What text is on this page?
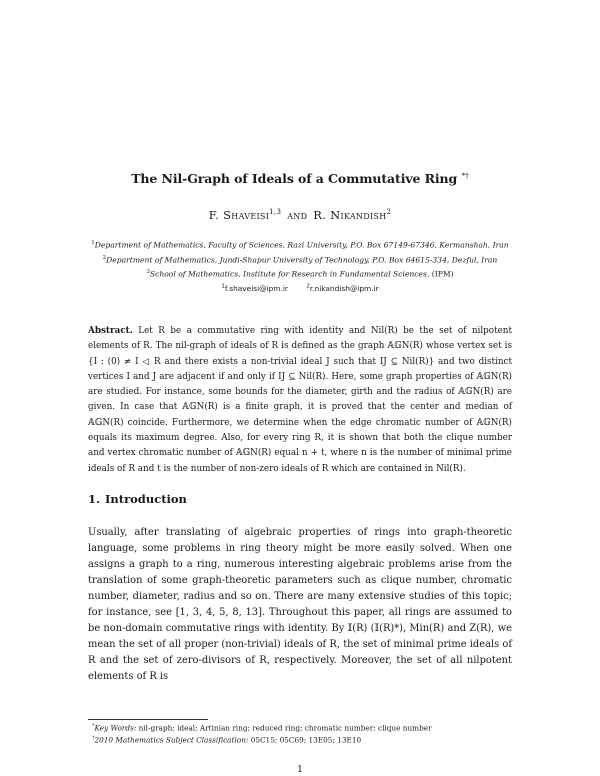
The Nil-Graph of Ideals of a Commutative Ring *†
F. Shaveisi$^{1,3}$ and R. Nikandish$^2$
$^1$Department of Mathematics, Faculty of Sciences, Razi University, P.O. Box 67149-67346, Kermanshah, Iran
$^2$Department of Mathematics, Jundi-Shapur University of Technology, P.O. Box 64615-334, Dezful, Iran
$^3$School of Mathematics, Institute for Research in Fundamental Sciences, (IPM)
$^1$f.shaveisi@ipm.ir	$^2$r.nikandish@ipm.ir
Abstract. Let R be a commutative ring with identity and Nil(R) be the set of nilpotent elements of R. The nil-graph of ideals of R is defined as the graph 𝔸𝔾N(R) whose vertex set is {I : (0) ≠ I ◁ R and there exists a non-trivial ideal J such that IJ ⊆ Nil(R)} and two distinct vertices I and J are adjacent if and only if IJ ⊆ Nil(R). Here, some graph properties of 𝔸𝔾N(R) are studied. For instance, some bounds for the diameter, girth and the radius of 𝔸𝔾N(R) are given. In case that 𝔸𝔾N(R) is a finite graph, it is proved that the center and median of 𝔸𝔾N(R) coincide. Furthermore, we determine when the edge chromatic number of 𝔸𝔾N(R) equals its maximum degree. Also, for every ring R, it is shown that both the clique number and vertex chromatic number of 𝔸𝔾N(R) equal n + t, where n is the number of minimal prime ideals of R and t is the number of non-zero ideals of R which are contained in Nil(R).
1. Introduction
Usually, after translating of algebraic properties of rings into graph-theoretic language, some problems in ring theory might be more easily solved. When one assigns a graph to a ring, numerous interesting algebraic problems arise from the translation of some graph-theoretic parameters such as clique number, chromatic number, diameter, radius and so on. There are many extensive studies of this topic; for instance, see [1, 3, 4, 5, 8, 13]. Throughout this paper, all rings are assumed to be non-domain commutative rings with identity. By 𝕀(R) (𝕀(R)*), Min(R) and Z(R), we mean the set of all proper (non-trivial) ideals of R, the set of minimal prime ideals of R and the set of zero-divisors of R, respectively. Moreover, the set of all nilpotent elements of R is
*Key Words: nil-graph; ideal; Artinian ring; reduced ring; chromatic number; clique number
†2010 Mathematics Subject Classification: 05C15; 05C69; 13E05; 13E10
1
